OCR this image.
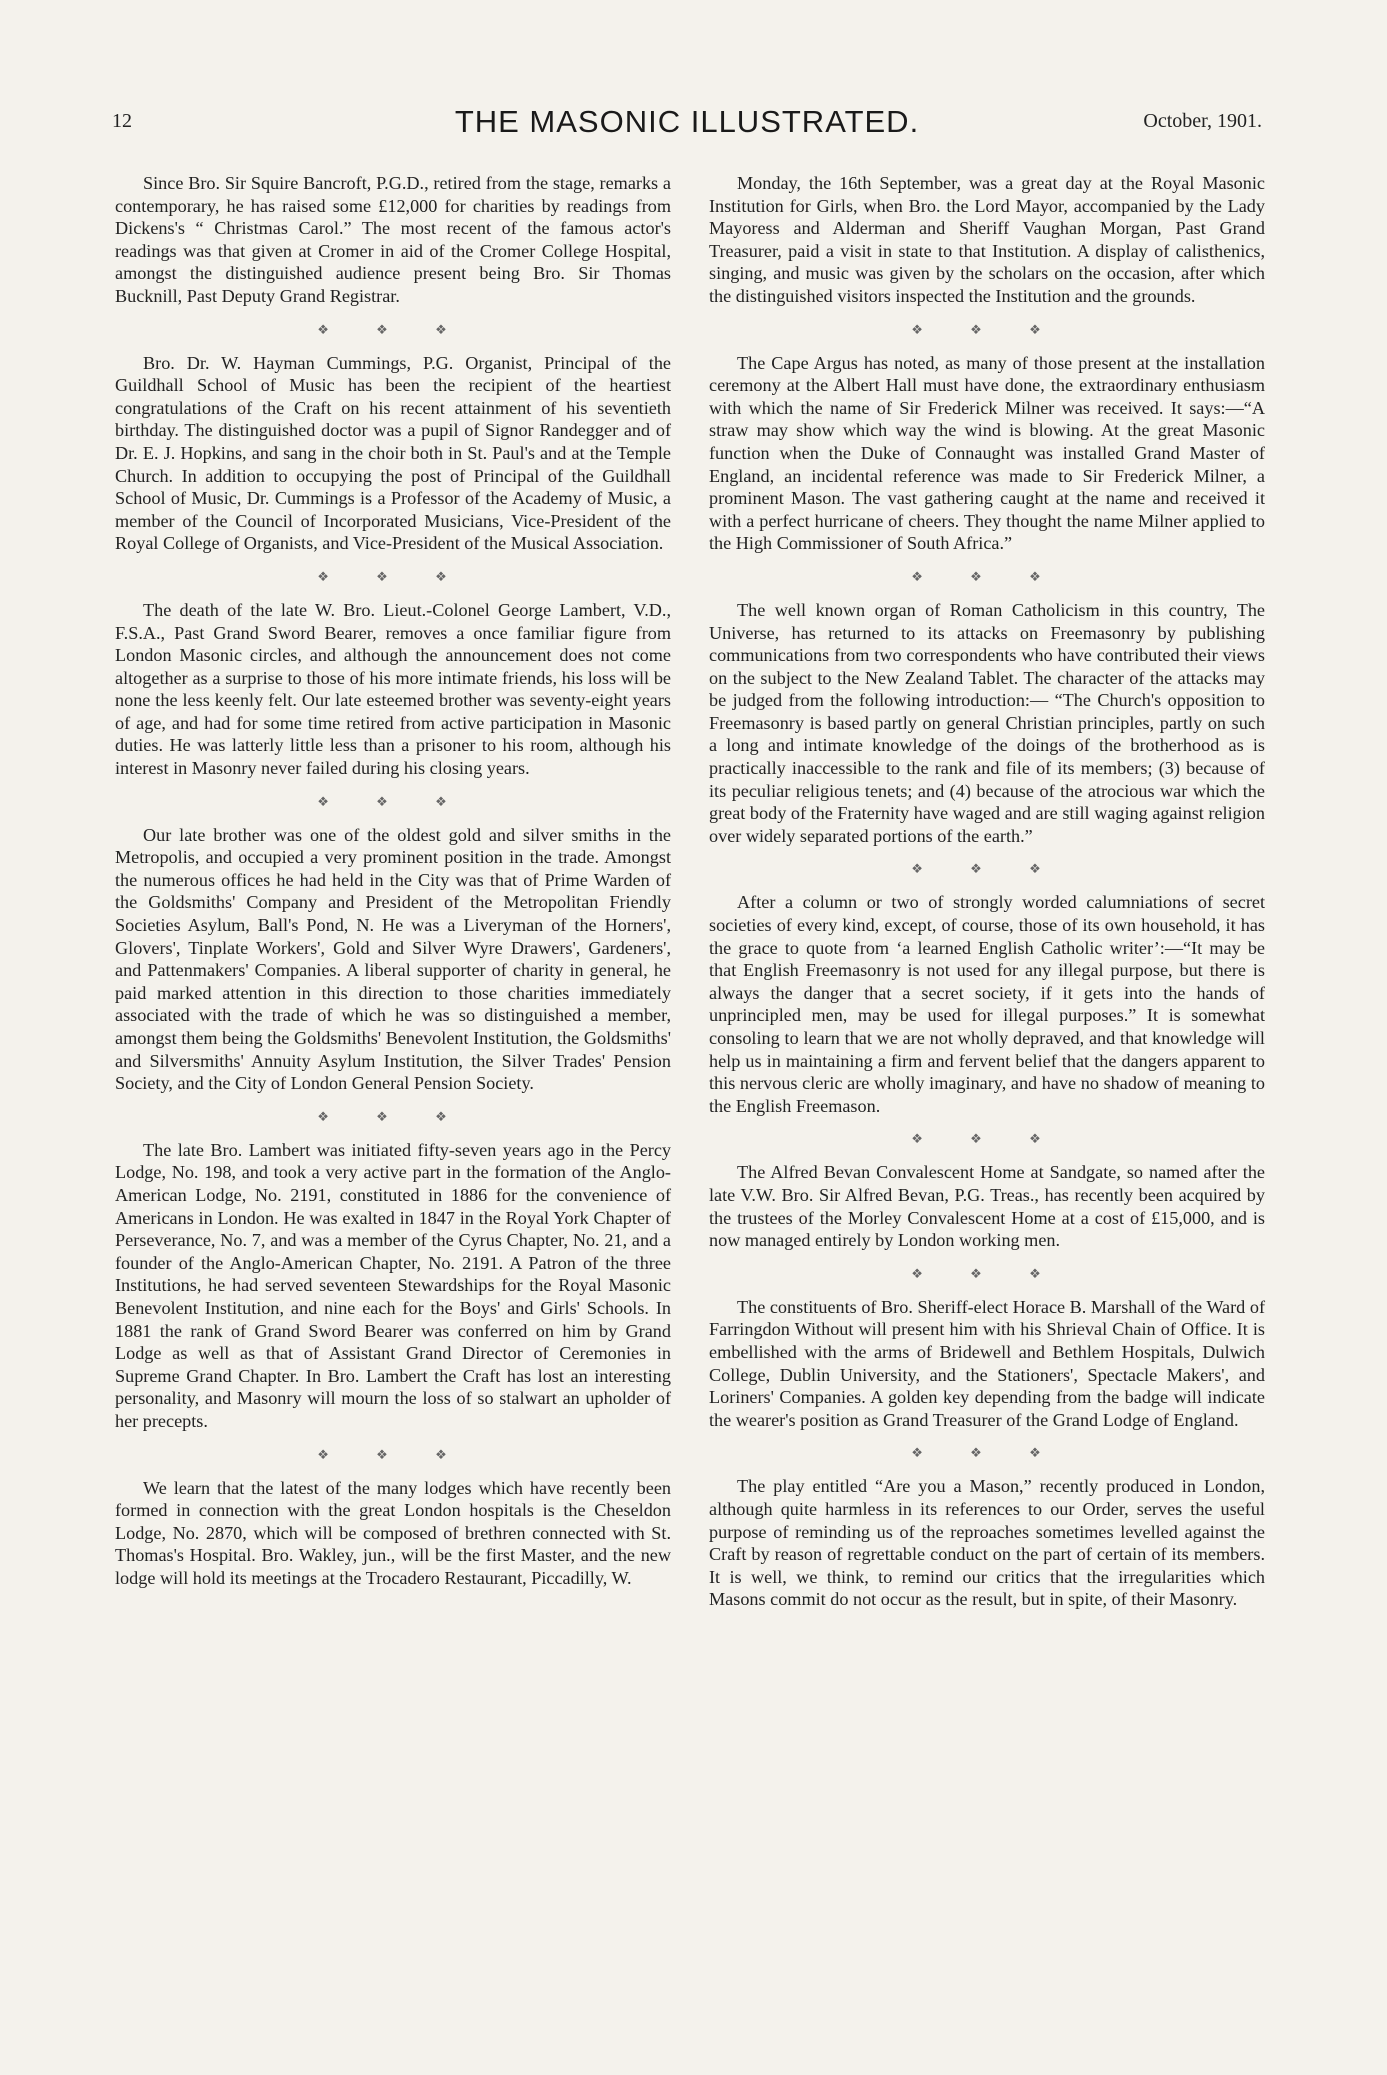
12	THE MASONIC ILLUSTRATED.	October, 1901.

Since Bro. Sir Squire Bancroft, P.G.D., retired from the stage, remarks a contemporary, he has raised some £12,000 for charities by readings from Dickens's “ Christmas Carol.” The most recent of the famous actor's readings was that given at Cromer in aid of the Cromer College Hospital, amongst the distinguished audience present being Bro. Sir Thomas Bucknill, Past Deputy Grand Registrar.

❖ ❖ ❖

Bro. Dr. W. Hayman Cummings, P.G. Organist, Principal of the Guildhall School of Music has been the recipient of the heartiest congratulations of the Craft on his recent attainment of his seventieth birthday. The distinguished doctor was a pupil of Signor Randegger and of Dr. E. J. Hopkins, and sang in the choir both in St. Paul's and at the Temple Church. In addition to occupying the post of Principal of the Guildhall School of Music, Dr. Cummings is a Professor of the Academy of Music, a member of the Council of Incorporated Musicians, Vice-President of the Royal College of Organists, and Vice-President of the Musical Association.

❖ ❖ ❖

The death of the late W. Bro. Lieut.-Colonel George Lambert, V.D., F.S.A., Past Grand Sword Bearer, removes a once familiar figure from London Masonic circles, and although the announcement does not come altogether as a surprise to those of his more intimate friends, his loss will be none the less keenly felt. Our late esteemed brother was seventy-eight years of age, and had for some time retired from active participation in Masonic duties. He was latterly little less than a prisoner to his room, although his interest in Masonry never failed during his closing years.

❖ ❖ ❖

Our late brother was one of the oldest gold and silver smiths in the Metropolis, and occupied a very prominent position in the trade. Amongst the numerous offices he had held in the City was that of Prime Warden of the Goldsmiths' Company and President of the Metropolitan Friendly Societies Asylum, Ball's Pond, N. He was a Liveryman of the Horners', Glovers', Tinplate Workers', Gold and Silver Wyre Drawers', Gardeners', and Pattenmakers' Companies. A liberal supporter of charity in general, he paid marked attention in this direction to those charities immediately associated with the trade of which he was so distinguished a member, amongst them being the Goldsmiths' Benevolent Institution, the Goldsmiths' and Silversmiths' Annuity Asylum Institution, the Silver Trades' Pension Society, and the City of London General Pension Society.

❖ ❖ ❖

The late Bro. Lambert was initiated fifty-seven years ago in the Percy Lodge, No. 198, and took a very active part in the formation of the Anglo-American Lodge, No. 2191, constituted in 1886 for the convenience of Americans in London. He was exalted in 1847 in the Royal York Chapter of Perseverance, No. 7, and was a member of the Cyrus Chapter, No. 21, and a founder of the Anglo-American Chapter, No. 2191. A Patron of the three Institutions, he had served seventeen Stewardships for the Royal Masonic Benevolent Institution, and nine each for the Boys' and Girls' Schools. In 1881 the rank of Grand Sword Bearer was conferred on him by Grand Lodge as well as that of Assistant Grand Director of Ceremonies in Supreme Grand Chapter. In Bro. Lambert the Craft has lost an interesting personality, and Masonry will mourn the loss of so stalwart an upholder of her precepts.

❖ ❖ ❖

We learn that the latest of the many lodges which have recently been formed in connection with the great London hospitals is the Cheseldon Lodge, No. 2870, which will be composed of brethren connected with St. Thomas's Hospital. Bro. Wakley, jun., will be the first Master, and the new lodge will hold its meetings at the Trocadero Restaurant, Piccadilly, W.

Monday, the 16th September, was a great day at the Royal Masonic Institution for Girls, when Bro. the Lord Mayor, accompanied by the Lady Mayoress and Alderman and Sheriff Vaughan Morgan, Past Grand Treasurer, paid a visit in state to that Institution. A display of calisthenics, singing, and music was given by the scholars on the occasion, after which the distinguished visitors inspected the Institution and the grounds.

❖ ❖ ❖

The Cape Argus has noted, as many of those present at the installation ceremony at the Albert Hall must have done, the extraordinary enthusiasm with which the name of Sir Frederick Milner was received. It says:—“A straw may show which way the wind is blowing. At the great Masonic function when the Duke of Connaught was installed Grand Master of England, an incidental reference was made to Sir Frederick Milner, a prominent Mason. The vast gathering caught at the name and received it with a perfect hurricane of cheers. They thought the name Milner applied to the High Commissioner of South Africa.”

❖ ❖ ❖

The well known organ of Roman Catholicism in this country, The Universe, has returned to its attacks on Freemasonry by publishing communications from two correspondents who have contributed their views on the subject to the New Zealand Tablet. The character of the attacks may be judged from the following introduction:— “The Church's opposition to Freemasonry is based partly on general Christian principles, partly on such a long and intimate knowledge of the doings of the brotherhood as is practically inaccessible to the rank and file of its members; (3) because of its peculiar religious tenets; and (4) because of the atrocious war which the great body of the Fraternity have waged and are still waging against religion over widely separated portions of the earth.”

❖ ❖ ❖

After a column or two of strongly worded calumniations of secret societies of every kind, except, of course, those of its own household, it has the grace to quote from ‘a learned English Catholic writer’:—“It may be that English Freemasonry is not used for any illegal purpose, but there is always the danger that a secret society, if it gets into the hands of unprincipled men, may be used for illegal purposes.” It is somewhat consoling to learn that we are not wholly depraved, and that knowledge will help us in maintaining a firm and fervent belief that the dangers apparent to this nervous cleric are wholly imaginary, and have no shadow of meaning to the English Freemason.

❖ ❖ ❖

The Alfred Bevan Convalescent Home at Sandgate, so named after the late V.W. Bro. Sir Alfred Bevan, P.G. Treas., has recently been acquired by the trustees of the Morley Convalescent Home at a cost of £15,000, and is now managed entirely by London working men.

❖ ❖ ❖

The constituents of Bro. Sheriff-elect Horace B. Marshall of the Ward of Farringdon Without will present him with his Shrieval Chain of Office. It is embellished with the arms of Bridewell and Bethlem Hospitals, Dulwich College, Dublin University, and the Stationers', Spectacle Makers', and Loriners' Companies. A golden key depending from the badge will indicate the wearer's position as Grand Treasurer of the Grand Lodge of England.

❖ ❖ ❖

The play entitled “Are you a Mason,” recently produced in London, although quite harmless in its references to our Order, serves the useful purpose of reminding us of the reproaches sometimes levelled against the Craft by reason of regrettable conduct on the part of certain of its members. It is well, we think, to remind our critics that the irregularities which Masons commit do not occur as the result, but in spite, of their Masonry.
